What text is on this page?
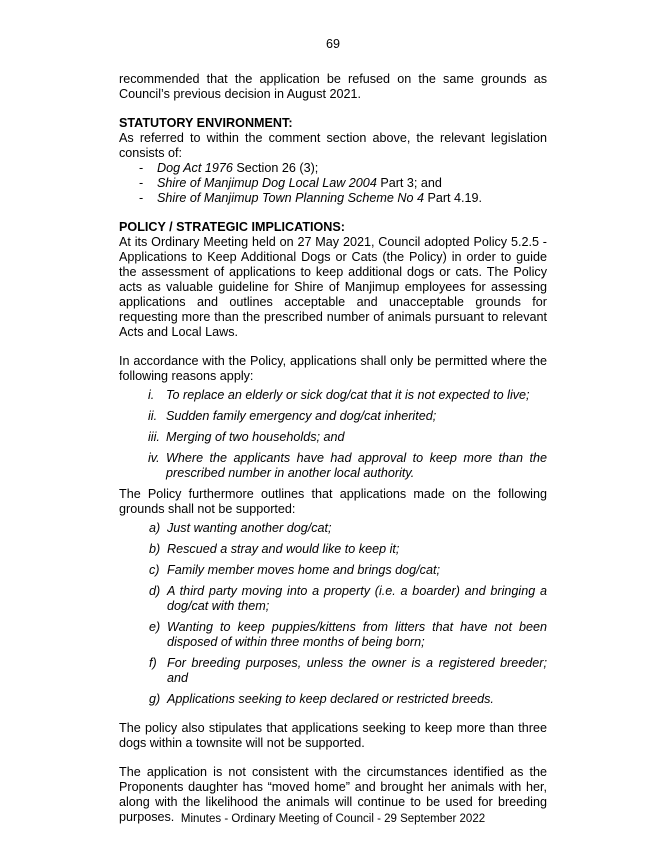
69

recommended that the application be refused on the same grounds as Council’s previous decision in August 2021.

STATUTORY ENVIRONMENT:

As referred to within the comment section above, the relevant legislation consists of:

- Dog Act 1976 Section 26 (3);
- Shire of Manjimup Dog Local Law 2004 Part 3; and
- Shire of Manjimup Town Planning Scheme No 4 Part 4.19.

POLICY / STRATEGIC IMPLICATIONS:

At its Ordinary Meeting held on 27 May 2021, Council adopted Policy 5.2.5 - Applications to Keep Additional Dogs or Cats (the Policy) in order to guide the assessment of applications to keep additional dogs or cats. The Policy acts as valuable guideline for Shire of Manjimup employees for assessing applications and outlines acceptable and unacceptable grounds for requesting more than the prescribed number of animals pursuant to relevant Acts and Local Laws.

In accordance with the Policy, applications shall only be permitted where the following reasons apply:

i. To replace an elderly or sick dog/cat that it is not expected to live;
ii. Sudden family emergency and dog/cat inherited;
iii. Merging of two households; and
iv. Where the applicants have had approval to keep more than the prescribed number in another local authority.

The Policy furthermore outlines that applications made on the following grounds shall not be supported:

a) Just wanting another dog/cat;
b) Rescued a stray and would like to keep it;
c) Family member moves home and brings dog/cat;
d) A third party moving into a property (i.e. a boarder) and bringing a dog/cat with them;
e) Wanting to keep puppies/kittens from litters that have not been disposed of within three months of being born;
f) For breeding purposes, unless the owner is a registered breeder; and
g) Applications seeking to keep declared or restricted breeds.

The policy also stipulates that applications seeking to keep more than three dogs within a townsite will not be supported.

The application is not consistent with the circumstances identified as the Proponents daughter has “moved home” and brought her animals with her, along with the likelihood the animals will continue to be used for breeding purposes. Minutes - Ordinary Meeting of Council - 29 September 2022
